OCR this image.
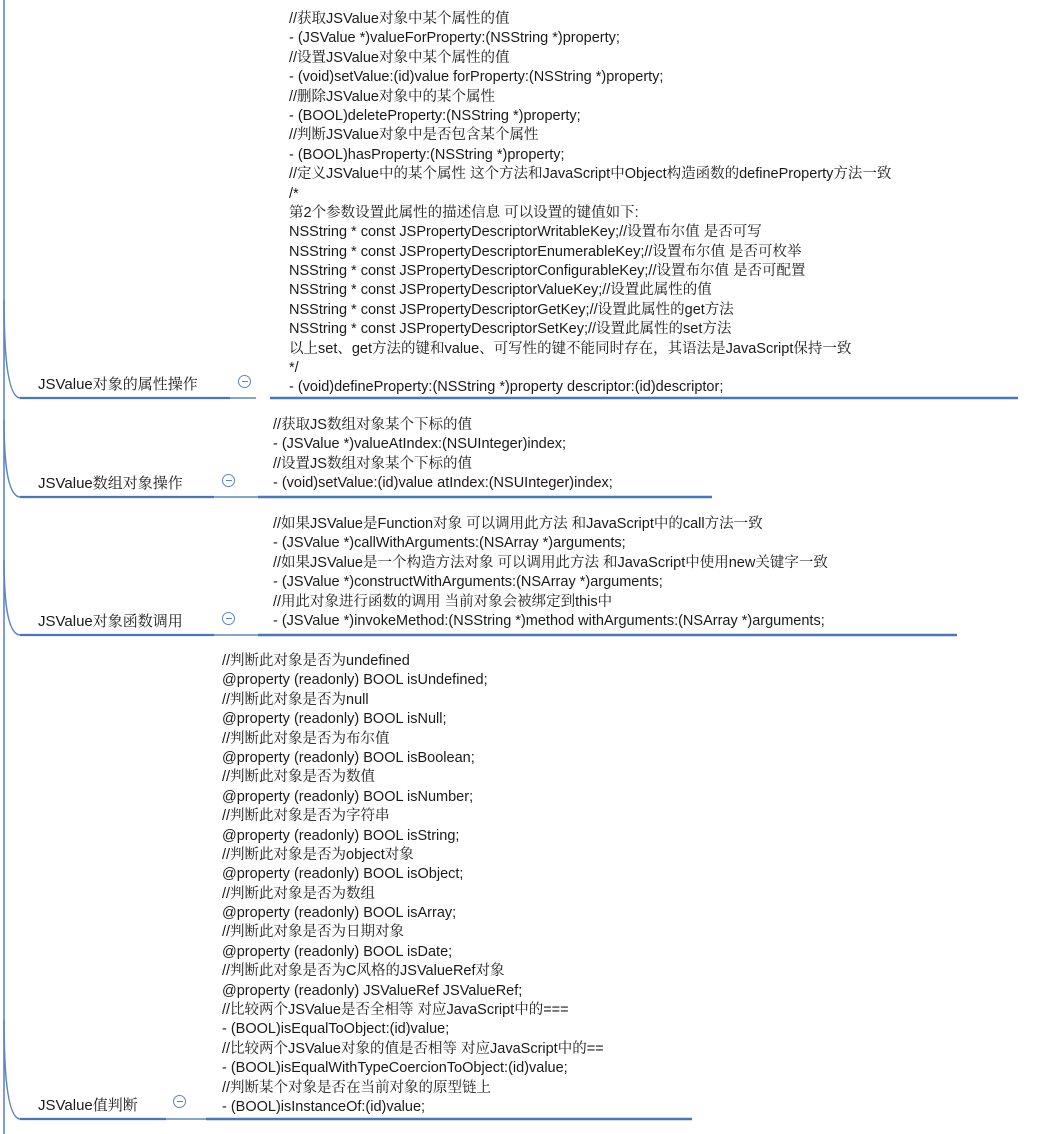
JSValue对象的属性操作
//获取JSValue对象中某个属性的值
- (JSValue *)valueForProperty:(NSString *)property;
//设置JSValue对象中某个属性的值
- (void)setValue:(id)value forProperty:(NSString *)property;
//删除JSValue对象中的某个属性
- (BOOL)deleteProperty:(NSString *)property;
//判断JSValue对象中是否包含某个属性
- (BOOL)hasProperty:(NSString *)property;
//定义JSValue中的某个属性 这个方法和JavaScript中Object构造函数的defineProperty方法一致
/*
第2个参数设置此属性的描述信息 可以设置的键值如下:
NSString * const JSPropertyDescriptorWritableKey;//设置布尔值 是否可写
NSString * const JSPropertyDescriptorEnumerableKey;//设置布尔值 是否可枚举
NSString * const JSPropertyDescriptorConfigurableKey;//设置布尔值 是否可配置
NSString * const JSPropertyDescriptorValueKey;//设置此属性的值
NSString * const JSPropertyDescriptorGetKey;//设置此属性的get方法
NSString * const JSPropertyDescriptorSetKey;//设置此属性的set方法
以上set、get方法的键和value、可写性的键不能同时存在，其语法是JavaScript保持一致
*/
- (void)defineProperty:(NSString *)property descriptor:(id)descriptor;
JSValue数组对象操作
//获取JS数组对象某个下标的值
- (JSValue *)valueAtIndex:(NSUInteger)index;
//设置JS数组对象某个下标的值
- (void)setValue:(id)value atIndex:(NSUInteger)index;
JSValue对象函数调用
//如果JSValue是Function对象 可以调用此方法 和JavaScript中的call方法一致
- (JSValue *)callWithArguments:(NSArray *)arguments;
//如果JSValue是一个构造方法对象 可以调用此方法 和JavaScript中使用new关键字一致
- (JSValue *)constructWithArguments:(NSArray *)arguments;
//用此对象进行函数的调用 当前对象会被绑定到this中
- (JSValue *)invokeMethod:(NSString *)method withArguments:(NSArray *)arguments;
JSValue值判断
//判断此对象是否为undefined
@property (readonly) BOOL isUndefined;
//判断此对象是否为null
@property (readonly) BOOL isNull;
//判断此对象是否为布尔值
@property (readonly) BOOL isBoolean;
//判断此对象是否为数值
@property (readonly) BOOL isNumber;
//判断此对象是否为字符串
@property (readonly) BOOL isString;
//判断此对象是否为object对象
@property (readonly) BOOL isObject;
//判断此对象是否为数组
@property (readonly) BOOL isArray;
//判断此对象是否为日期对象
@property (readonly) BOOL isDate;
//判断此对象是否为C风格的JSValueRef对象
@property (readonly) JSValueRef JSValueRef;
//比较两个JSValue是否全相等 对应JavaScript中的===
- (BOOL)isEqualToObject:(id)value;
//比较两个JSValue对象的值是否相等 对应JavaScript中的==
- (BOOL)isEqualWithTypeCoercionToObject:(id)value;
//判断某个对象是否在当前对象的原型链上
- (BOOL)isInstanceOf:(id)value;
